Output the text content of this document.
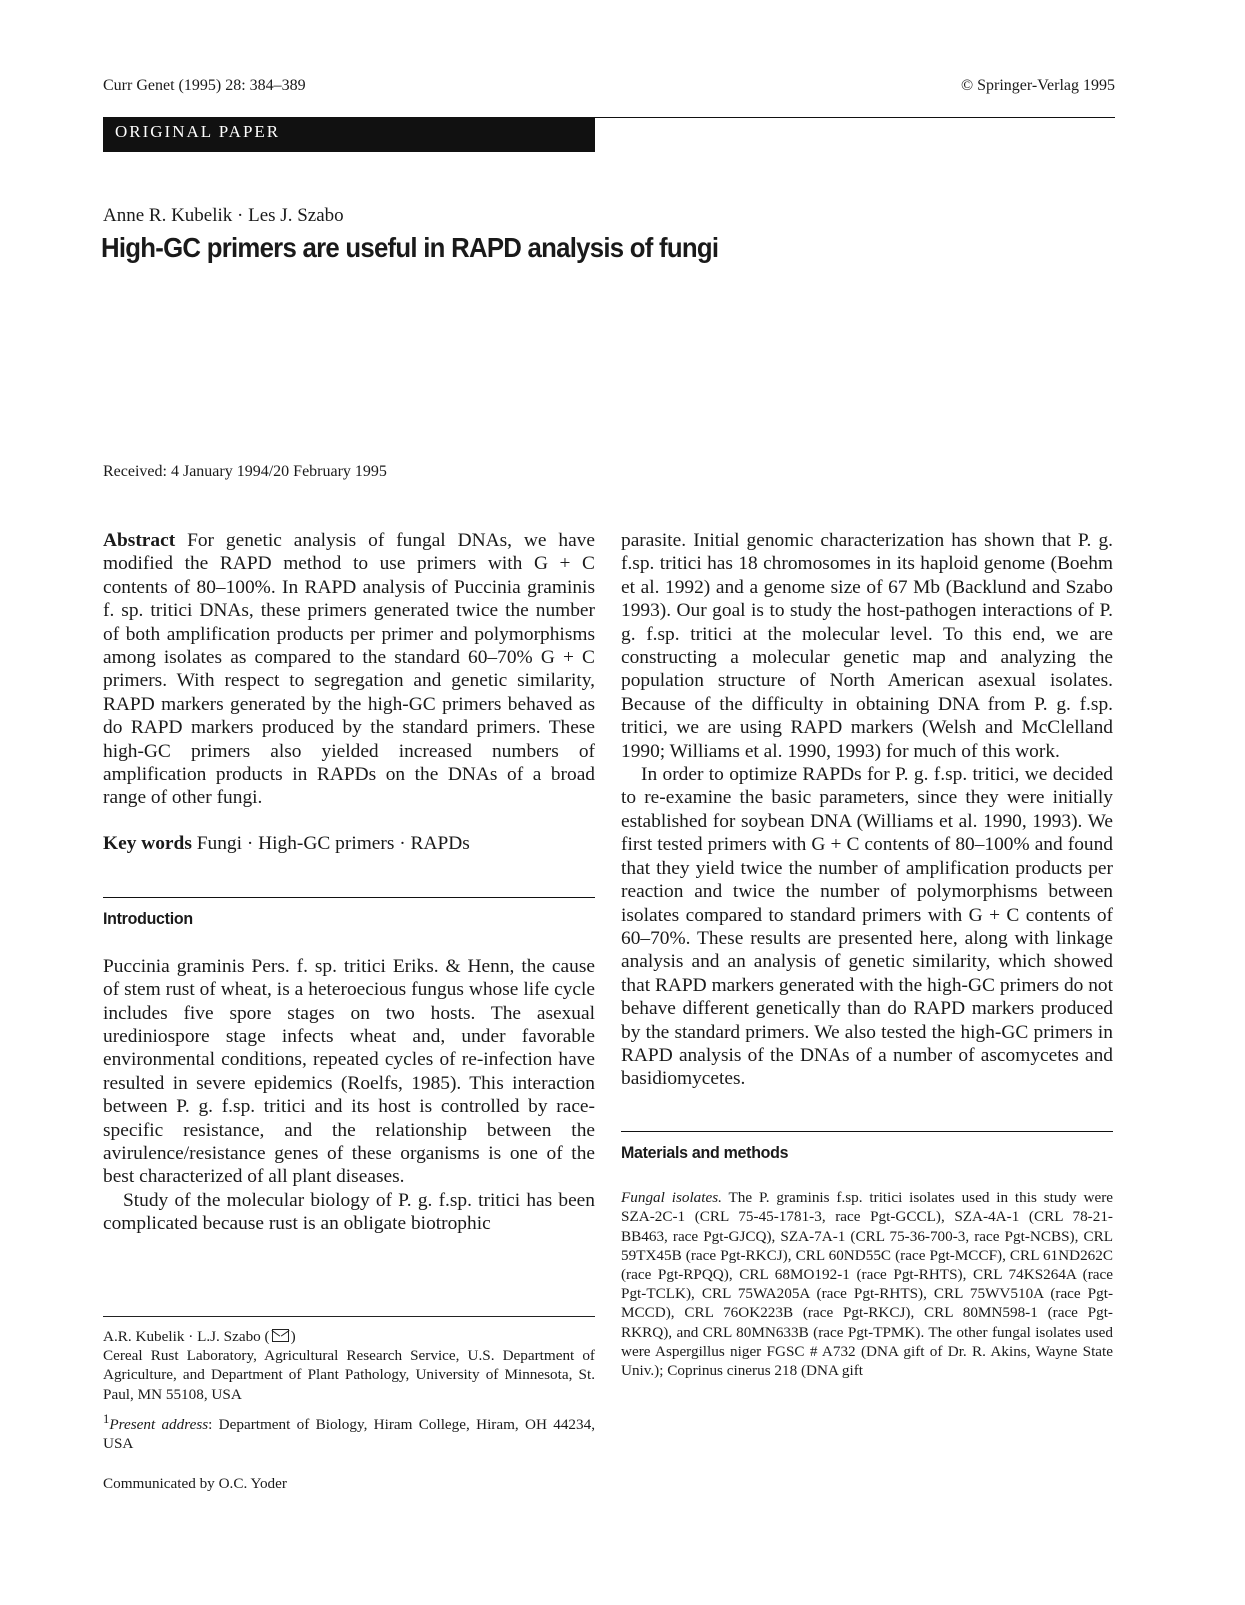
Curr Genet (1995) 28: 384–389	© Springer-Verlag 1995
ORIGINAL PAPER
Anne R. Kubelik · Les J. Szabo
High-GC primers are useful in RAPD analysis of fungi
Received: 4 January 1994/20 February 1995

Abstract For genetic analysis of fungal DNAs, we have modified the RAPD method to use primers with G + C contents of 80–100%. In RAPD analysis of Puccinia graminis f. sp. tritici DNAs, these primers generated twice the number of both amplification products per primer and polymorphisms among isolates as compared to the standard 60–70% G + C primers. With respect to segregation and genetic similarity, RAPD markers generated by the high-GC primers behaved as do RAPD markers produced by the standard primers. These high-GC primers also yielded increased numbers of amplification products in RAPDs on the DNAs of a broad range of other fungi.

Key words Fungi · High-GC primers · RAPDs

Introduction

Puccinia graminis Pers. f. sp. tritici Eriks. & Henn, the cause of stem rust of wheat, is a heteroecious fungus whose life cycle includes five spore stages on two hosts. The asexual urediniospore stage infects wheat and, under favorable environmental conditions, repeated cycles of re-infection have resulted in severe epidemics (Roelfs, 1985). This interaction between P. g. f.sp. tritici and its host is controlled by race-specific resistance, and the relationship between the avirulence/resistance genes of these organisms is one of the best characterized of all plant diseases.

Study of the molecular biology of P. g. f.sp. tritici has been complicated because rust is an obligate biotrophic

A.R. Kubelik · L.J. Szabo ( )

Cereal Rust Laboratory, Agricultural Research Service, U.S. Department of Agriculture, and Department of Plant Pathology, University of Minnesota, St. Paul, MN 55108, USA

$^1$Present address: Department of Biology, Hiram College, Hiram, OH 44234, USA

Communicated by O.C. Yoder

parasite. Initial genomic characterization has shown that P. g. f.sp. tritici has 18 chromosomes in its haploid genome (Boehm et al. 1992) and a genome size of 67 Mb (Backlund and Szabo 1993). Our goal is to study the host-pathogen interactions of P. g. f.sp. tritici at the molecular level. To this end, we are constructing a molecular genetic map and analyzing the population structure of North American asexual isolates. Because of the difficulty in obtaining DNA from P. g. f.sp. tritici, we are using RAPD markers (Welsh and McClelland 1990; Williams et al. 1990, 1993) for much of this work.

In order to optimize RAPDs for P. g. f.sp. tritici, we decided to re-examine the basic parameters, since they were initially established for soybean DNA (Williams et al. 1990, 1993). We first tested primers with G + C contents of 80–100% and found that they yield twice the number of amplification products per reaction and twice the number of polymorphisms between isolates compared to standard primers with G + C contents of 60–70%. These results are presented here, along with linkage analysis and an analysis of genetic similarity, which showed that RAPD markers generated with the high-GC primers do not behave different genetically than do RAPD markers produced by the standard primers. We also tested the high-GC primers in RAPD analysis of the DNAs of a number of ascomycetes and basidiomycetes.

Materials and methods

Fungal isolates. The P. graminis f.sp. tritici isolates used in this study were SZA-2C-1 (CRL 75-45-1781-3, race Pgt-GCCL), SZA-4A-1 (CRL 78-21-BB463, race Pgt-GJCQ), SZA-7A-1 (CRL 75-36-700-3, race Pgt-NCBS), CRL 59TX45B (race Pgt-RKCJ), CRL 60ND55C (race Pgt-MCCF), CRL 61ND262C (race Pgt-RPQQ), CRL 68MO192-1 (race Pgt-RHTS), CRL 74KS264A (race Pgt-TCLK), CRL 75WA205A (race Pgt-RHTS), CRL 75WV510A (race Pgt-MCCD), CRL 76OK223B (race Pgt-RKCJ), CRL 80MN598-1 (race Pgt-RKRQ), and CRL 80MN633B (race Pgt-TPMK). The other fungal isolates used were Aspergillus niger FGSC # A732 (DNA gift of Dr. R. Akins, Wayne State Univ.); Coprinus cinerus 218 (DNA gift
